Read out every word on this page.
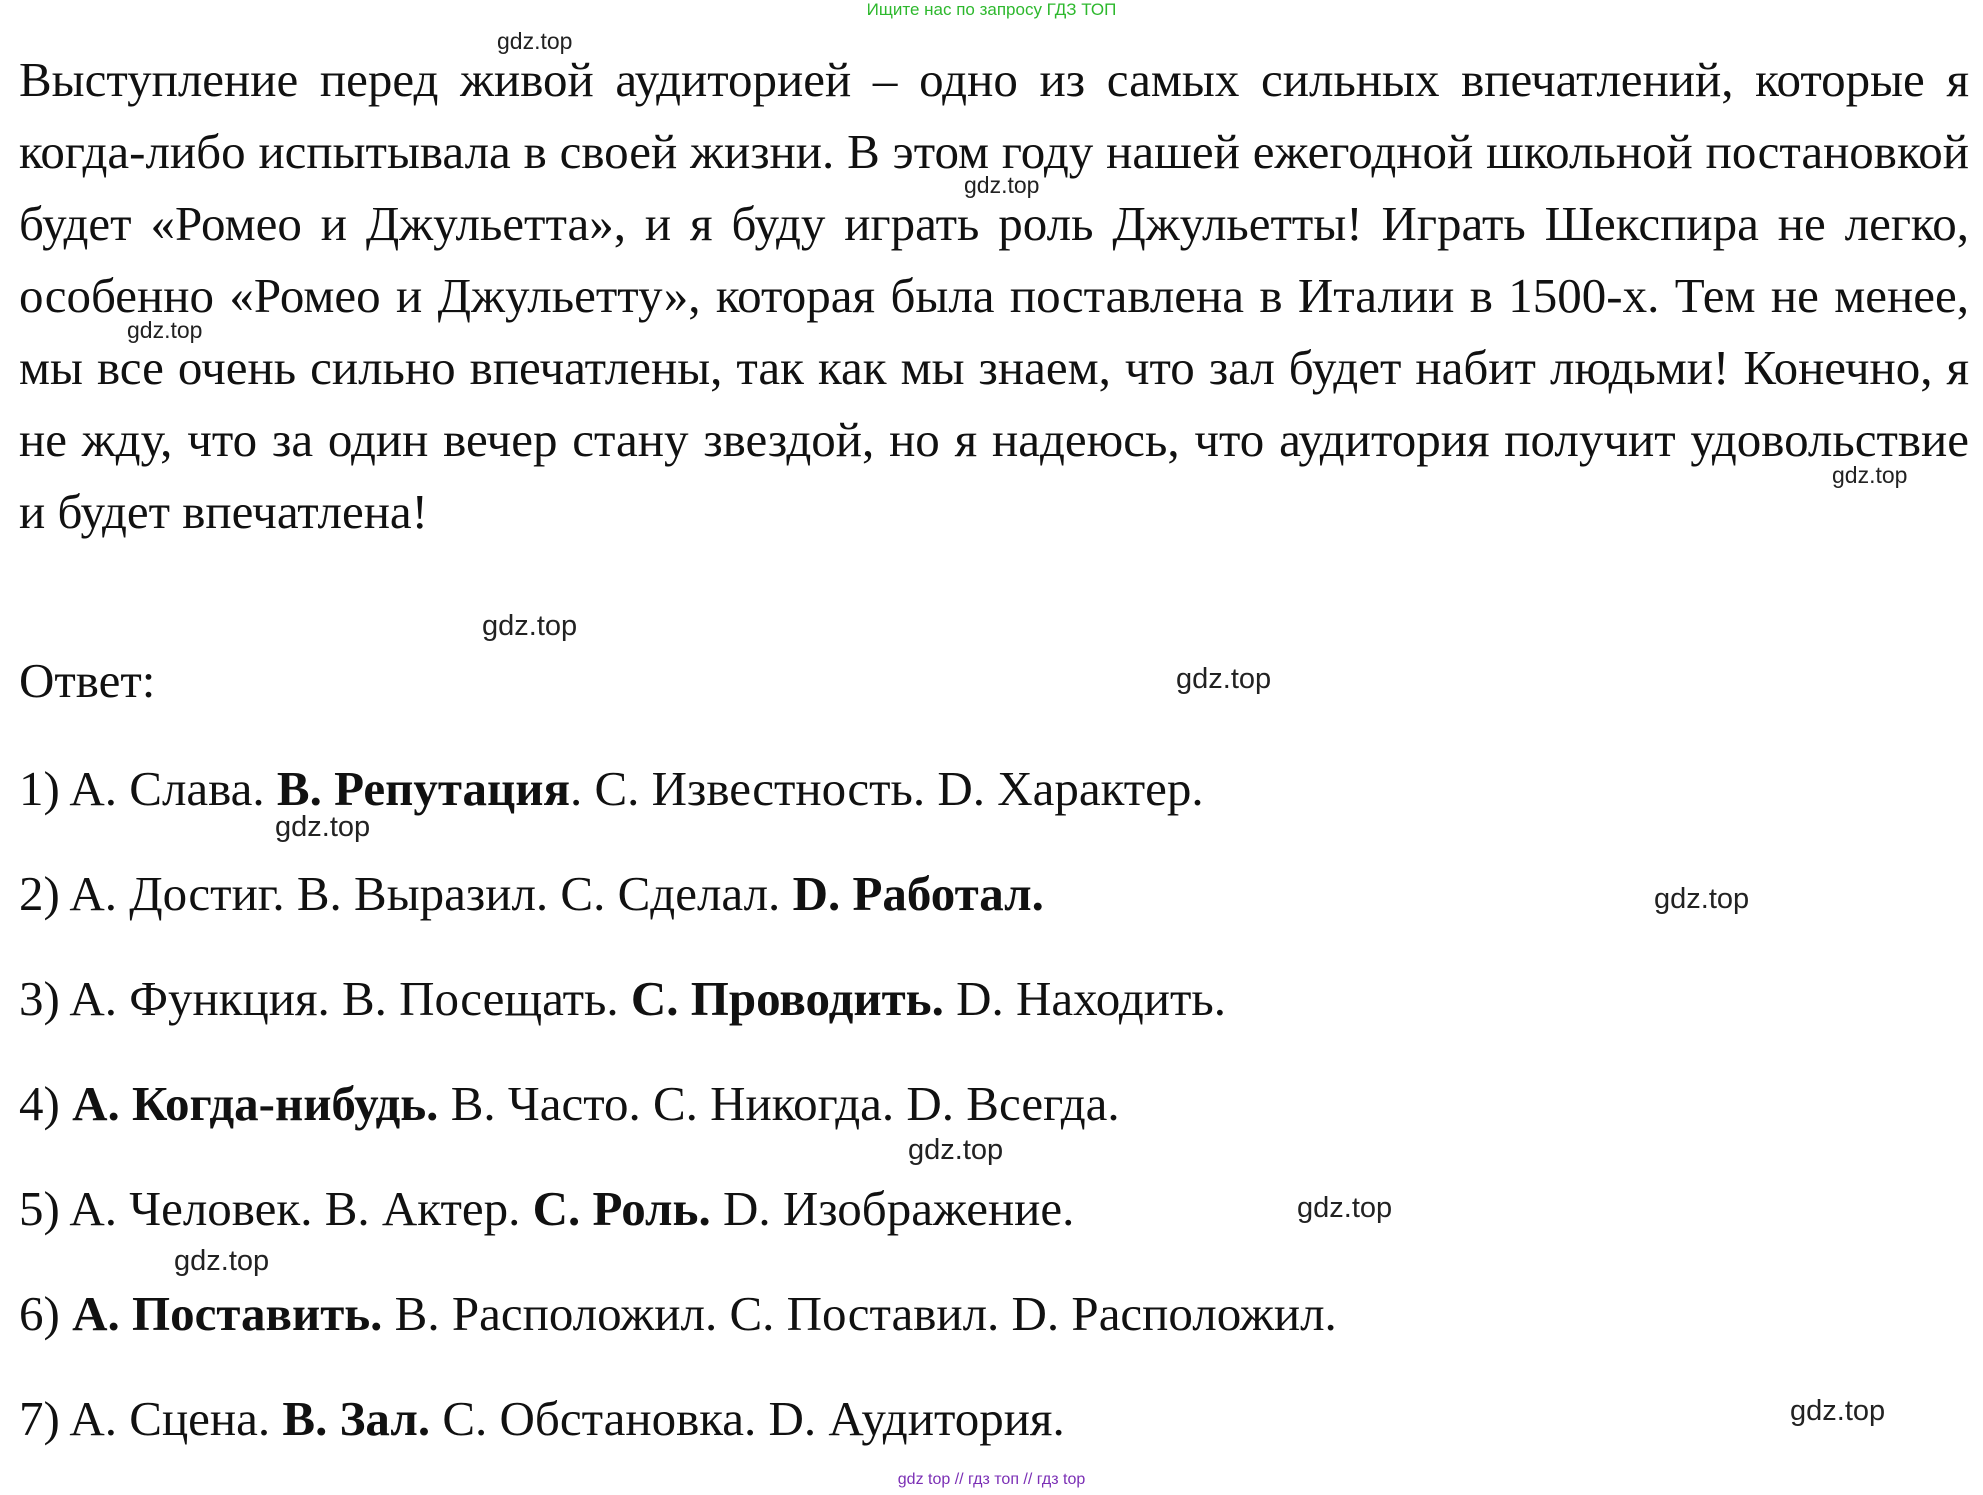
Ищите нас по запросу ГДЗ ТОП

Выступление перед живой аудиторией – одно из самых сильных впечатлений, которые я когда-либо испытывала в своей жизни. В этом году нашей ежегодной школьной постановкой будет «Ромео и Джульетта», и я буду играть роль Джульетты! Играть Шекспира не легко, особенно «Ромео и Джульетту», которая была поставлена в Италии в 1500-х. Тем не менее, мы все очень сильно впечатлены, так как мы знаем, что зал будет набит людьми! Конечно, я не жду, что за один вечер стану звездой, но я надеюсь, что аудитория получит удовольствие и будет впечатлена!

Ответ:

1) A. Слава. B. Репутация. C. Известность. D. Характер.

2) A. Достиг. B. Выразил. C. Сделал. D. Работал.

3) A. Функция. B. Посещать. C. Проводить. D. Находить.

4) A. Когда-нибудь. B. Часто. C. Никогда. D. Всегда.

5) A. Человек. B. Актер. C. Роль. D. Изображение.

6) A. Поставить. B. Расположил. C. Поставил. D. Расположил.

7) A. Сцена. B. Зал. C. Обстановка. D. Аудитория.

gdz.top
gdz.top
gdz.top
gdz.top
gdz.top
gdz.top
gdz.top
gdz.top
gdz.top
gdz.top
gdz.top
gdz.top
gdz top // гдз топ // гдз top
